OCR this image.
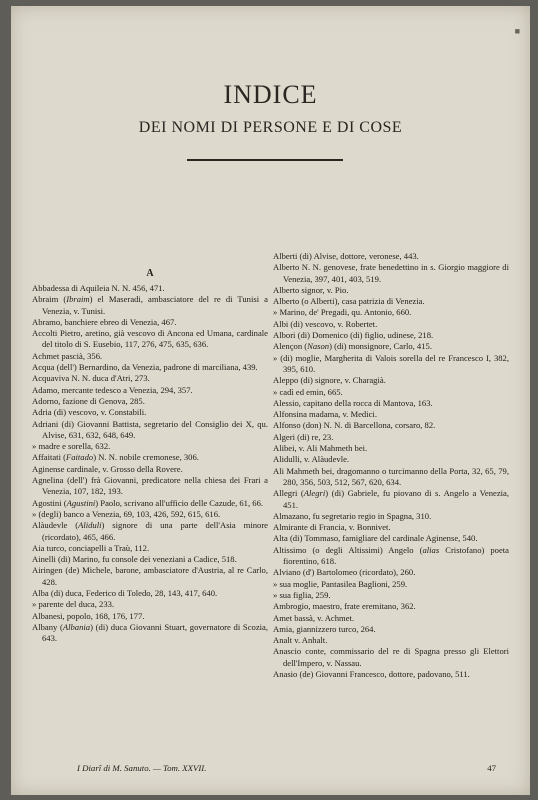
■
INDICE
DEI NOMI DI PERSONE E DI COSE
A
Abbadessa di Aquileia N. N. 456, 471.
Abraim (Ibraim) el Maseradi, ambasciatore del re di Tunisi a Venezia, v. Tunisi.
Abramo, banchiere ebreo di Venezia, 467.
Accolti Pietro, aretino, già vescovo di Ancona ed Umana, cardinale del titolo di S. Eusebio, 117, 276, 475, 635, 636.
Achmet pascià, 356.
Acqua (dell') Bernardino, da Venezia, padrone di marciliana, 439.
Acquaviva N. N. duca d'Atri, 273.
Adamo, mercante tedesco a Venezia, 294, 357.
Adorno, fazione di Genova, 285.
Adria (di) vescovo, v. Constabili.
Adriani (di) Giovanni Battista, segretario del Consiglio dei X, qu. Alvise, 631, 632, 648, 649.
» madre e sorella, 632.
Affaitati (Faitado) N. N. nobile cremonese, 306.
Aginense cardinale, v. Grosso della Rovere.
Agnelina (dell') frà Giovanni, predicatore nella chiesa dei Frari a Venezia, 107, 182, 193.
Agostini (Agustini) Paolo, scrivano all'ufficio delle Cazude, 61, 66.
» (degli) banco a Venezia, 69, 103, 426, 592, 615, 616.
Alàudevle (Aliduli) signore di una parte dell'Asia minore (ricordato), 465, 466.
Aia turco, conciapelli a Traù, 112.
Ainelli (di) Marino, fu console dei veneziani a Cadice, 518.
Airingen (de) Michele, barone, ambasciatore d'Austria, al re Carlo, 428.
Alba (di) duca, Federico di Toledo, 28, 143, 417, 640.
» parente del duca, 233.
Albanesi, popolo, 168, 176, 177.
Albany (Albania) (di) duca Giovanni Stuart, governatore di Scozia, 643.
Alberti (di) Alvise, dottore, veronese, 443.
Alberto N. N. genovese, frate benedettino in s. Giorgio maggiore di Venezia, 397, 401, 403, 519.
Alberto signor, v. Pio.
Alberto (o Alberti), casa patrizia di Venezia.
» Marino, de' Pregadi, qu. Antonio, 660.
Albi (di) vescovo, v. Robertet.
Albori (di) Domenico (di) figlio, udinese, 218.
Alençon (Nason) (di) monsignore, Carlo, 415.
» (di) moglie, Margherita di Valois sorella del re Francesco I, 382, 395, 610.
Aleppo (di) signore, v. Charagià.
» cadì ed emin, 665.
Alessio, capitano della rocca di Mantova, 163.
Alfonsina madama, v. Medici.
Alfonso (don) N. N. di Barcellona, corsaro, 82.
Algeri (di) re, 23.
Alibei, v. Ali Mahmeth bei.
Alidulli, v. Alàudevle.
Ali Mahmeth bei, dragomanno o turcimanno della Porta, 32, 65, 79, 280, 356, 503, 512, 567, 620, 634.
Allegri (Alegri) (di) Gabriele, fu piovano di s. Angelo a Venezia, 451.
Almazano, fu segretario regio in Spagna, 310.
Almirante di Francia, v. Bonnivet.
Alta (di) Tommaso, famigliare del cardinale Aginense, 540.
Altissimo (o degli Altissimi) Angelo (alias Cristofano) poeta fiorentino, 618.
Alviano (d') Bartolomeo (ricordato), 260.
» sua moglie, Pantasilea Baglioni, 259.
» sua figlia, 259.
Ambrogio, maestro, frate eremitano, 362.
Amet bassà, v. Achmet.
Amia, giannizzero turco, 264.
Analt v. Anhalt.
Anascio conte, commissario del re di Spagna presso gli Elettori dell'Impero, v. Nassau.
Anasio (de) Giovanni Francesco, dottore, padovano, 511.
I Diarî di M. Sanuto. — Tom. XXVII.	47
